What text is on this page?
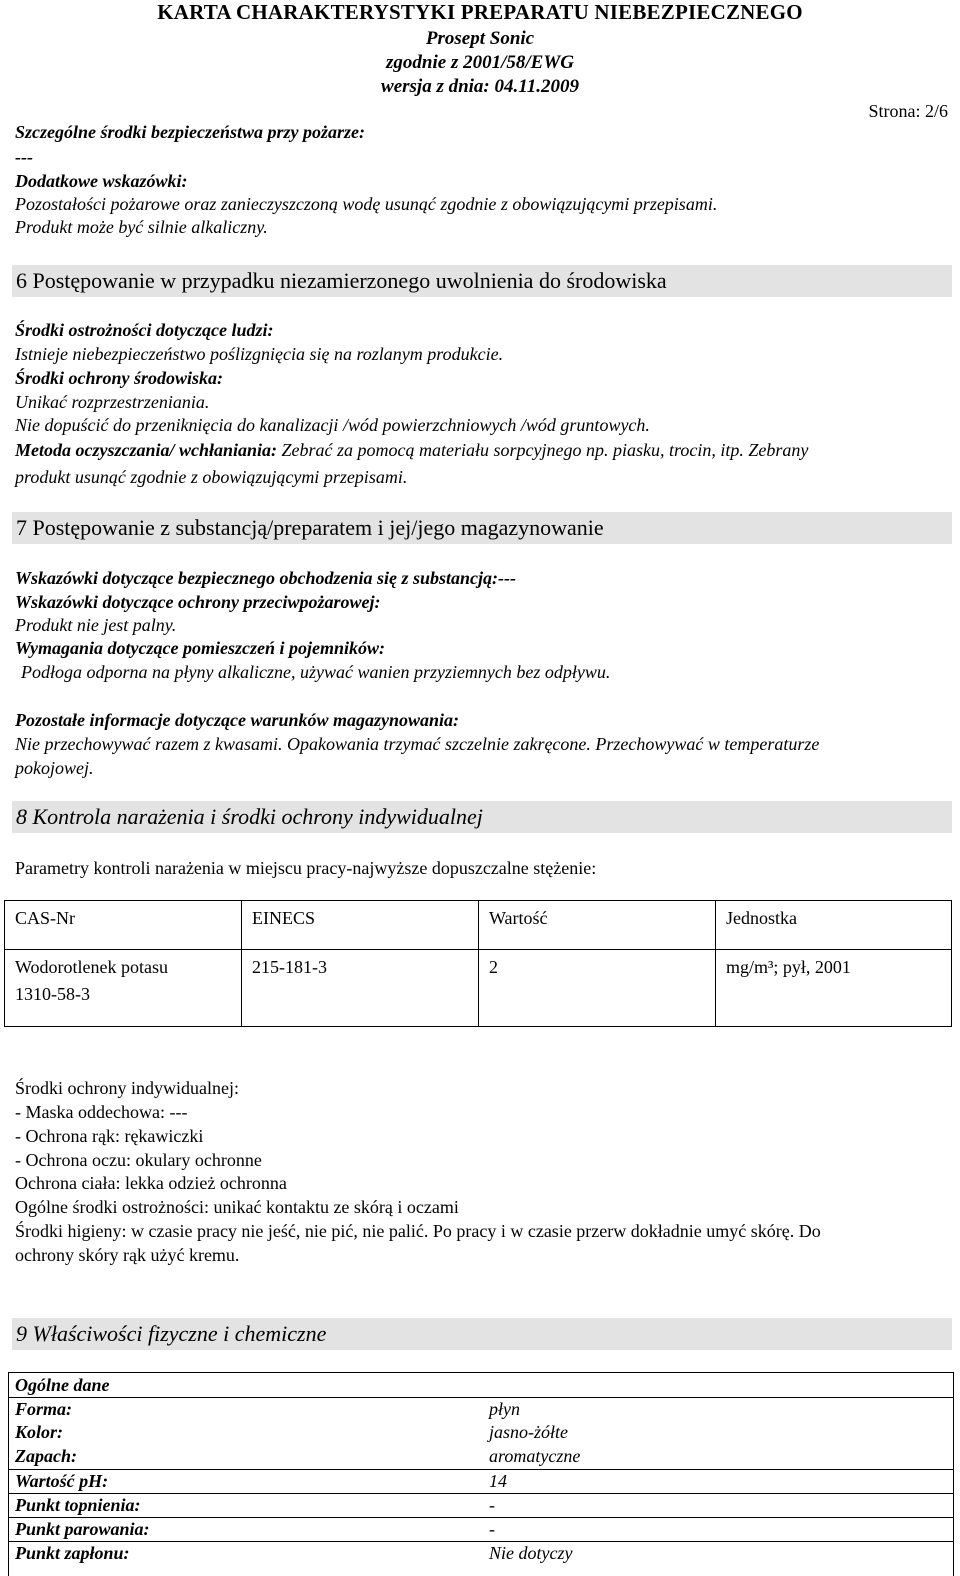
KARTA CHARAKTERYSTYKI PREPARATU NIEBEZPIECZNEGO
Prosept Sonic
zgodnie z 2001/58/EWG
wersja z dnia: 04.11.2009
Strona: 2/6
Szczególne środki bezpieczeństwa przy pożarze:
---
Dodatkowe wskazówki:
Pozostałości pożarowe oraz zanieczyszczoną wodę usunąć zgodnie z obowiązującymi przepisami.
Produkt może być silnie alkaliczny.
6 Postępowanie w przypadku niezamierzonego uwolnienia do środowiska
Środki ostrożności dotyczące ludzi:
Istnieje niebezpieczeństwo poślizgnięcia się na rozlanym produkcie.
Środki ochrony środowiska:
Unikać rozprzestrzeniania.
Nie dopuścić do przeniknięcia do kanalizacji /wód powierzchniowych /wód gruntowych.
Metoda oczyszczania/ wchłaniania: Zebrać za pomocą materiału sorpcyjnego np. piasku, trocin, itp. Zebrany
produkt usunąć zgodnie z obowiązującymi przepisami.
7 Postępowanie z substancją/preparatem i jej/jego magazynowanie
Wskazówki dotyczące bezpiecznego obchodzenia się z substancją:---
Wskazówki dotyczące ochrony przeciwpożarowej:
Produkt nie jest palny.
Wymagania dotyczące pomieszczeń i pojemników:
Podłoga odporna na płyny alkaliczne, używać wanien przyziemnych bez odpływu.
Pozostałe informacje dotyczące warunków magazynowania:
Nie przechowywać razem z kwasami. Opakowania trzymać szczelnie zakręcone. Przechowywać w temperaturze
pokojowej.
8 Kontrola narażenia i środki ochrony indywidualnej
Parametry kontroli narażenia w miejscu pracy-najwyższe dopuszczalne stężenie:
CAS-Nr	EINECS	Wartość	Jednostka

Wodorotlenek potasu
1310-58-3	215-181-3	2	mg/m³; pył, 2001
Środki ochrony indywidualnej:
- Maska oddechowa: ---
- Ochrona rąk: rękawiczki
- Ochrona oczu: okulary ochronne
Ochrona ciała: lekka odzież ochronna
Ogólne środki ostrożności: unikać kontaktu ze skórą i oczami
Środki higieny: w czasie pracy nie jeść, nie pić, nie palić. Po pracy i w czasie przerw dokładnie umyć skórę. Do
ochrony skóry rąk użyć kremu.
9 Właściwości fizyczne i chemiczne
Ogólne dane
Forma:	płyn
Kolor:	jasno-żółte
Zapach:	aromatyczne
Wartość pH:	14
Punkt topnienia:	-
Punkt parowania:	-
Punkt zapłonu:	Nie dotyczy
